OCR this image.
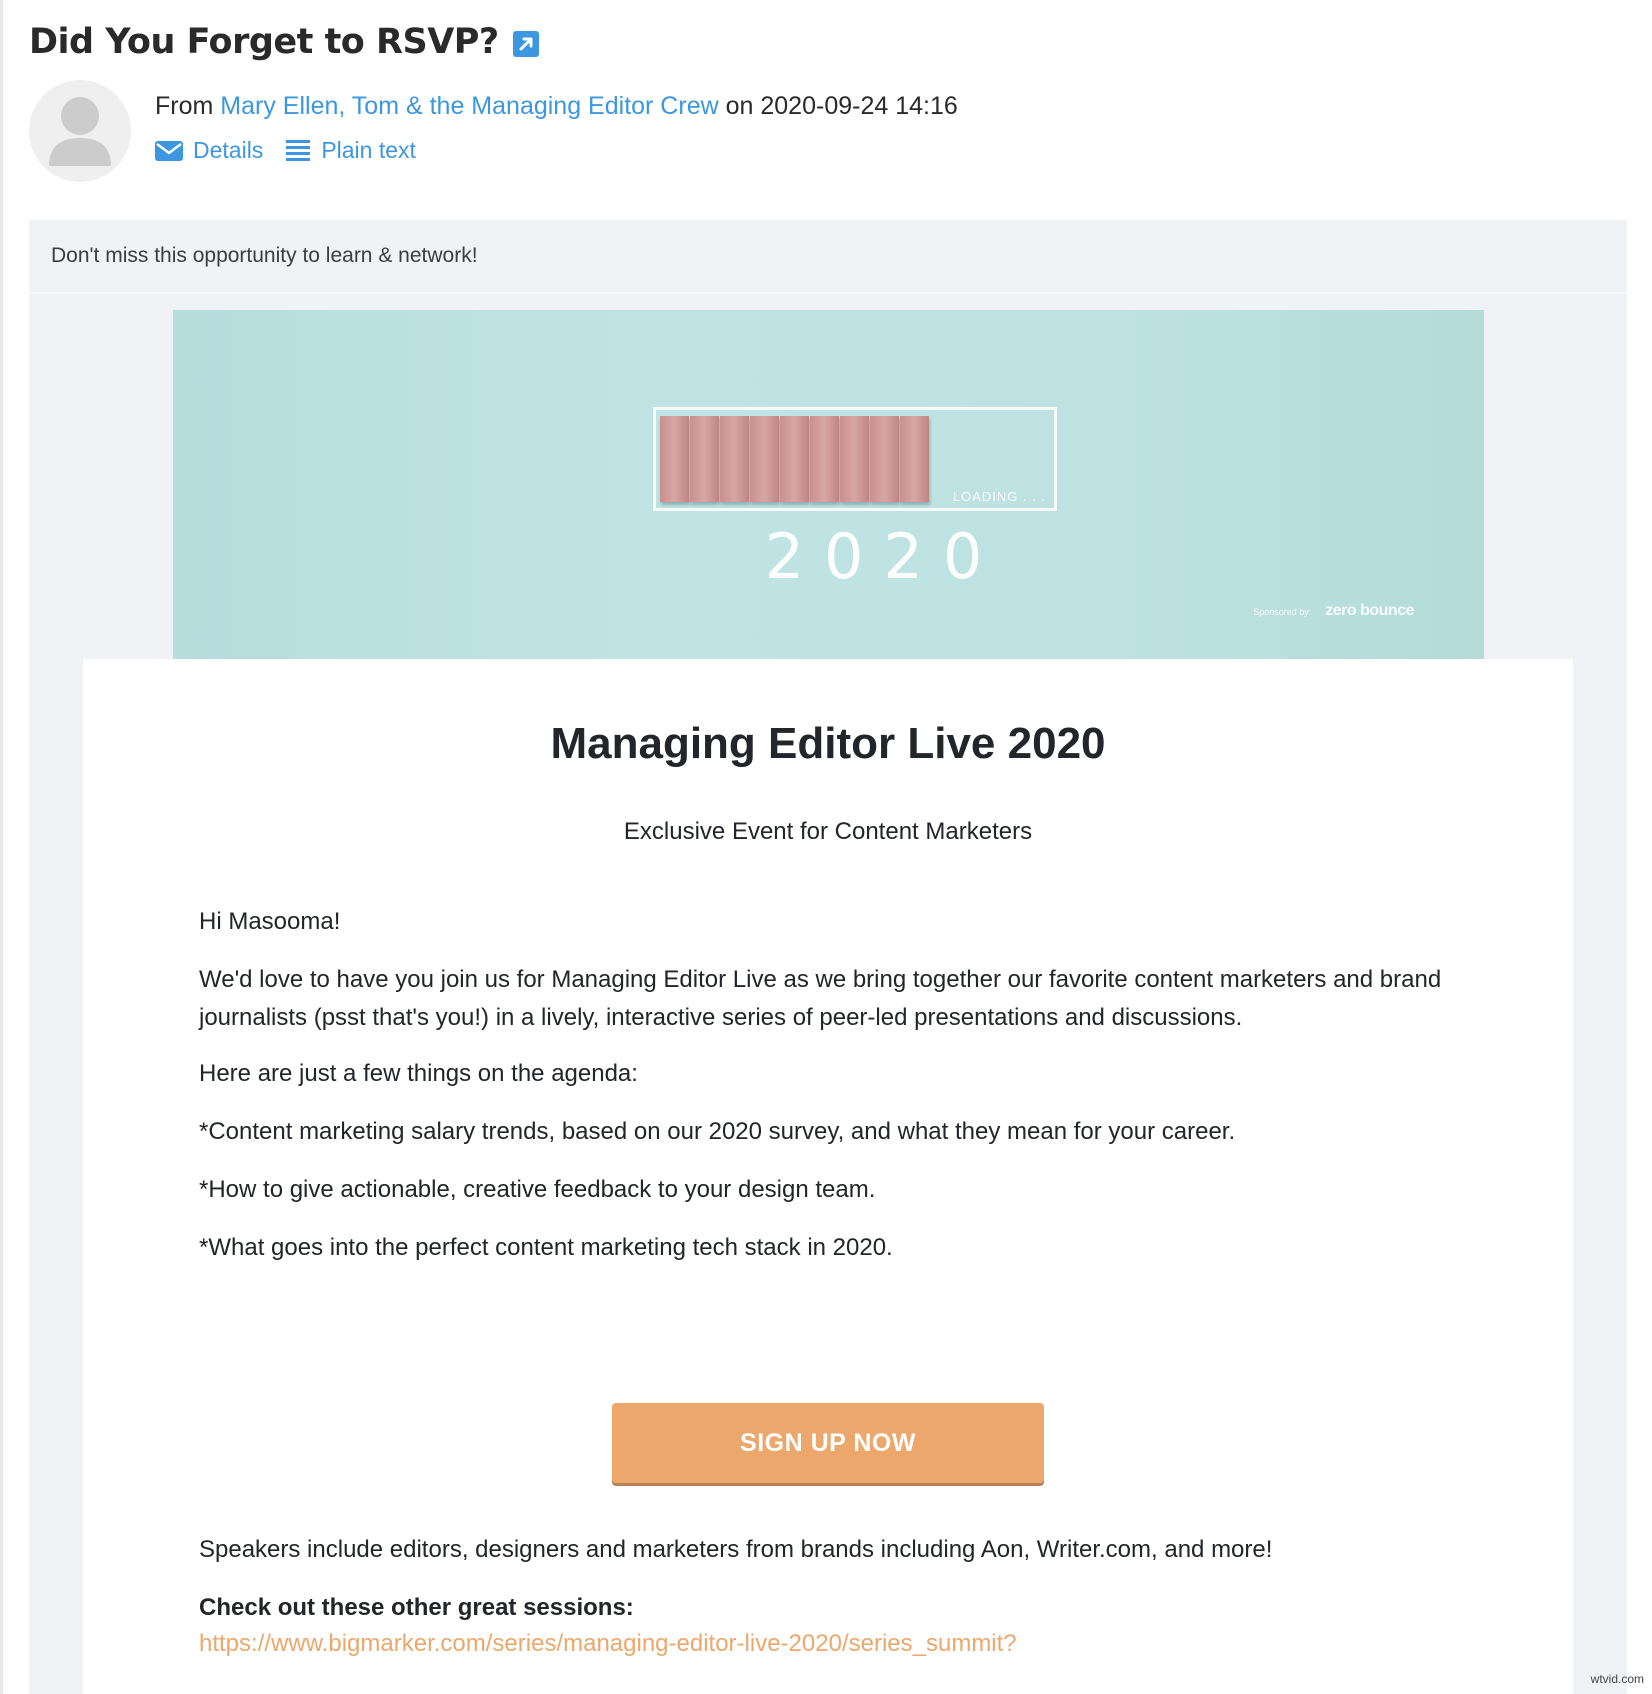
Did You Forget to RSVP?
From Mary Ellen, Tom & the Managing Editor Crew on 2020-09-24 14:16
Details	Plain text
Don't miss this opportunity to learn & network!
LOADING . . .
2020
Sponsored by: zero bounce
Managing Editor Live 2020
Exclusive Event for Content Marketers
Hi Masooma!
We'd love to have you join us for Managing Editor Live as we bring together our favorite content marketers and brand journalists (psst that's you!) in a lively, interactive series of peer-led presentations and discussions.
Here are just a few things on the agenda:
*Content marketing salary trends, based on our 2020 survey, and what they mean for your career.
*How to give actionable, creative feedback to your design team.
*What goes into the perfect content marketing tech stack in 2020.
SIGN UP NOW
Speakers include editors, designers and marketers from brands including Aon, Writer.com, and more!
Check out these other great sessions:
https://www.bigmarker.com/series/managing-editor-live-2020/series_summit?
wtvid.com
